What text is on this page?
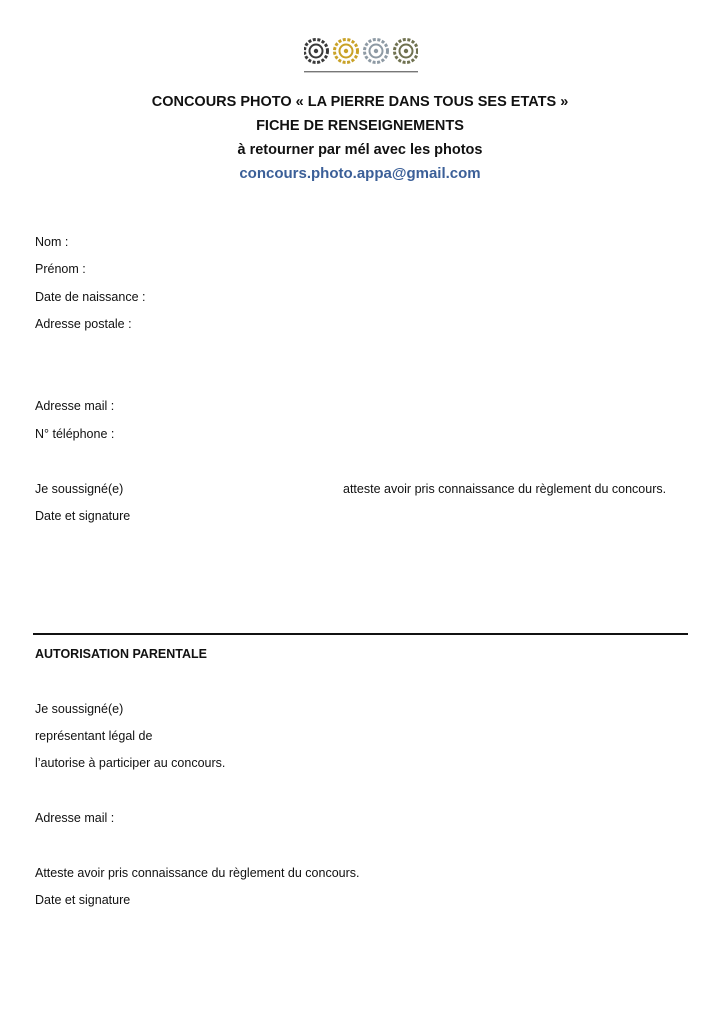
CONCOURS PHOTO « LA PIERRE DANS TOUS SES ETATS »
FICHE DE RENSEIGNEMENTS
à retourner par mél avec les photos
concours.photo.appa@gmail.com
Nom :
Prénom :
Date de naissance :
Adresse postale :
Adresse mail :
N° téléphone :
Je soussigné(e)	atteste avoir pris connaissance du règlement du concours.
Date et signature
AUTORISATION PARENTALE
Je soussigné(e)
représentant légal de
l’autorise à participer au concours.
Adresse mail :
Atteste avoir pris connaissance du règlement du concours.
Date et signature
